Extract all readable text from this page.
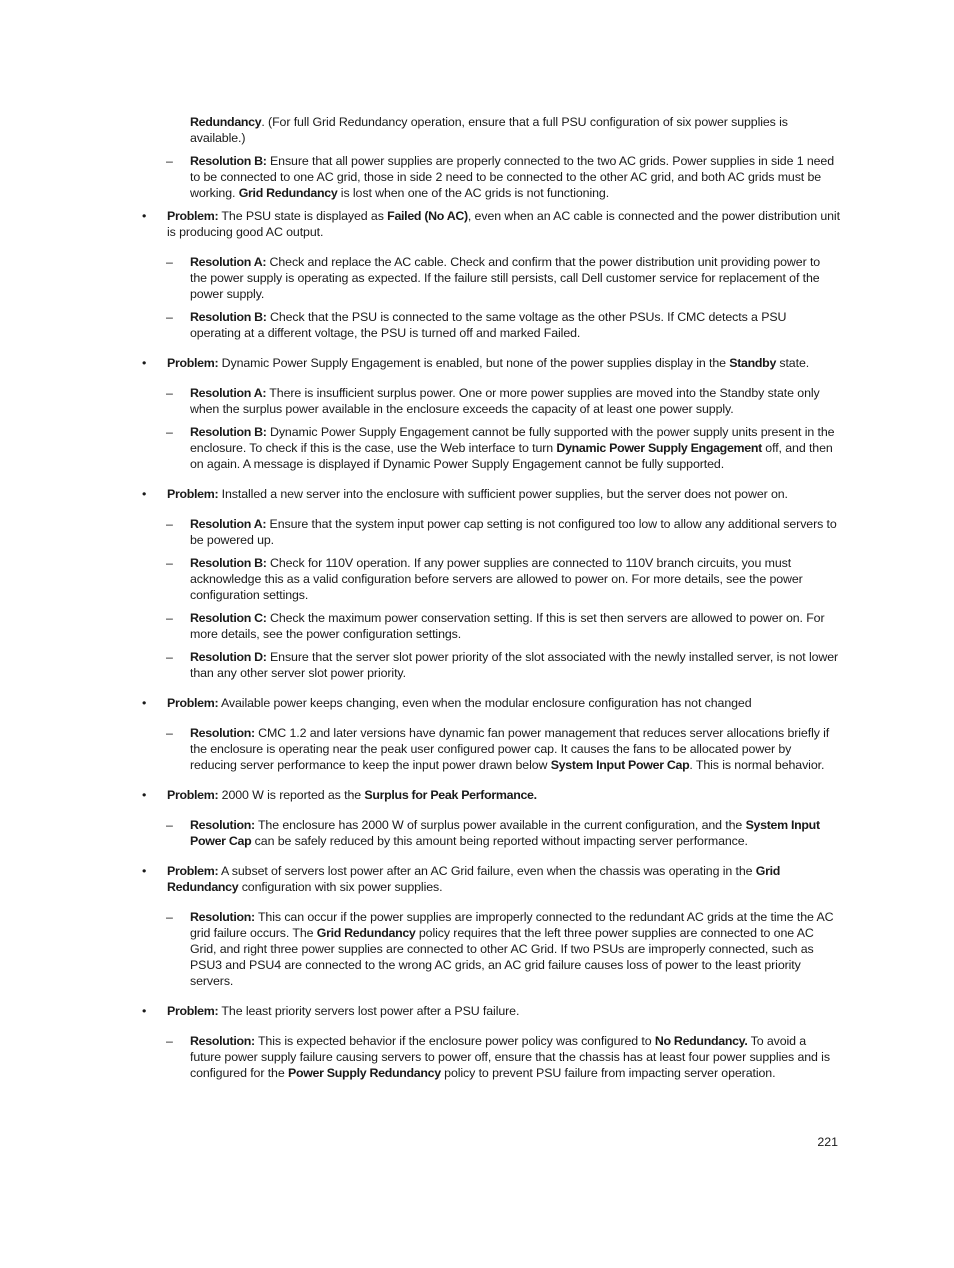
Redundancy. (For full Grid Redundancy operation, ensure that a full PSU configuration of six power supplies is available.)
– Resolution B: Ensure that all power supplies are properly connected to the two AC grids. Power supplies in side 1 need to be connected to one AC grid, those in side 2 need to be connected to the other AC grid, and both AC grids must be working. Grid Redundancy is lost when one of the AC grids is not functioning.
• Problem: The PSU state is displayed as Failed (No AC), even when an AC cable is connected and the power distribution unit is producing good AC output.
– Resolution A: Check and replace the AC cable. Check and confirm that the power distribution unit providing power to the power supply is operating as expected. If the failure still persists, call Dell customer service for replacement of the power supply.
– Resolution B: Check that the PSU is connected to the same voltage as the other PSUs. If CMC detects a PSU operating at a different voltage, the PSU is turned off and marked Failed.
• Problem: Dynamic Power Supply Engagement is enabled, but none of the power supplies display in the Standby state.
– Resolution A: There is insufficient surplus power. One or more power supplies are moved into the Standby state only when the surplus power available in the enclosure exceeds the capacity of at least one power supply.
– Resolution B: Dynamic Power Supply Engagement cannot be fully supported with the power supply units present in the enclosure. To check if this is the case, use the Web interface to turn Dynamic Power Supply Engagement off, and then on again. A message is displayed if Dynamic Power Supply Engagement cannot be fully supported.
• Problem: Installed a new server into the enclosure with sufficient power supplies, but the server does not power on.
– Resolution A: Ensure that the system input power cap setting is not configured too low to allow any additional servers to be powered up.
– Resolution B: Check for 110V operation. If any power supplies are connected to 110V branch circuits, you must acknowledge this as a valid configuration before servers are allowed to power on. For more details, see the power configuration settings.
– Resolution C: Check the maximum power conservation setting. If this is set then servers are allowed to power on. For more details, see the power configuration settings.
– Resolution D: Ensure that the server slot power priority of the slot associated with the newly installed server, is not lower than any other server slot power priority.
• Problem: Available power keeps changing, even when the modular enclosure configuration has not changed
– Resolution: CMC 1.2 and later versions have dynamic fan power management that reduces server allocations briefly if the enclosure is operating near the peak user configured power cap. It causes the fans to be allocated power by reducing server performance to keep the input power drawn below System Input Power Cap. This is normal behavior.
• Problem: 2000 W is reported as the Surplus for Peak Performance.
– Resolution: The enclosure has 2000 W of surplus power available in the current configuration, and the System Input Power Cap can be safely reduced by this amount being reported without impacting server performance.
• Problem: A subset of servers lost power after an AC Grid failure, even when the chassis was operating in the Grid Redundancy configuration with six power supplies.
– Resolution: This can occur if the power supplies are improperly connected to the redundant AC grids at the time the AC grid failure occurs. The Grid Redundancy policy requires that the left three power supplies are connected to one AC Grid, and right three power supplies are connected to other AC Grid. If two PSUs are improperly connected, such as PSU3 and PSU4 are connected to the wrong AC grids, an AC grid failure causes loss of power to the least priority servers.
• Problem: The least priority servers lost power after a PSU failure.
– Resolution: This is expected behavior if the enclosure power policy was configured to No Redundancy. To avoid a future power supply failure causing servers to power off, ensure that the chassis has at least four power supplies and is configured for the Power Supply Redundancy policy to prevent PSU failure from impacting server operation.
221
